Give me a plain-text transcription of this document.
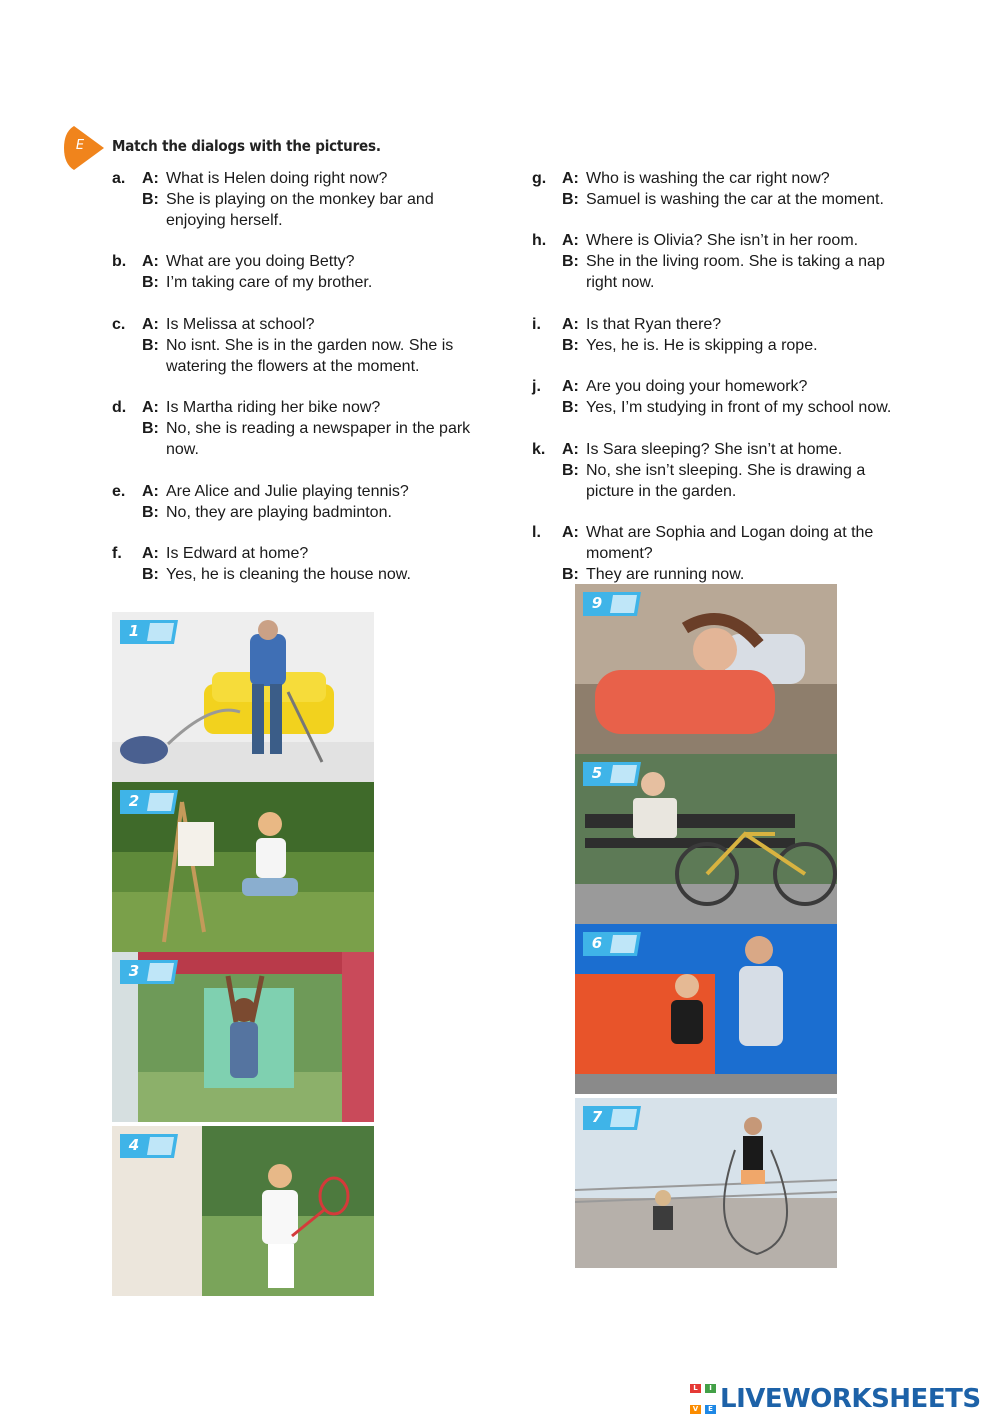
E	Match the dialogs with the pictures.
a. A: What is Helen doing right now?
B: She is playing on the monkey bar and
enjoying herself.
b. A: What are you doing Betty?
B: I’m taking care of my brother.
c. A: Is Melissa at school?
B: No isnt. She is in the garden now. She is
watering the flowers at the moment.
d. A: Is Martha riding her bike now?
B: No, she is reading a newspaper in the park
now.
e. A: Are Alice and Julie playing tennis?
B: No, they are playing badminton.
f. A: Is Edward at home?
B: Yes, he is cleaning the house now.
g. A: Who is washing the car right now?
B: Samuel is washing the car at the moment.
h. A: Where is Olivia? She isn’t in her room.
B: She in the living room. She is taking a nap
right now.
i. A: Is that Ryan there?
B: Yes, he is. He is skipping a rope.
j. A: Are you doing your homework?
B: Yes, I’m studying in front of my school now.
k. A: Is Sara sleeping? She isn’t at home.
B: No, she isn’t sleeping. She is drawing a
picture in the garden.
l. A: What are Sophia and Logan doing at the
moment?
B: They are running now.
1
2
3
4
9
5
6
7
L	I
V	E LIVEWORKSHEETS
